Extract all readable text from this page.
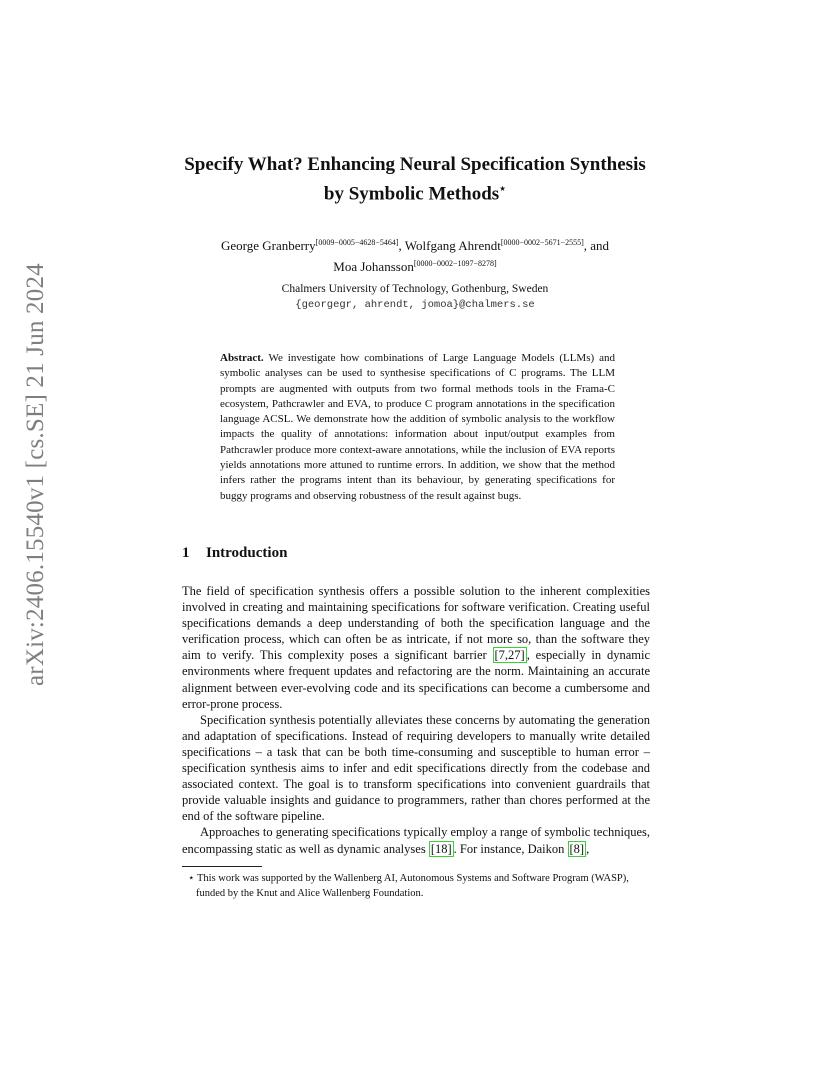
arXiv:2406.15540v1 [cs.SE] 21 Jun 2024
Specify What? Enhancing Neural Specification Synthesis
by Symbolic Methods⋆
George Granberry[0009−0005−4628−5464], Wolfgang Ahrendt[0000−0002−5671−2555], and
Moa Johansson[0000−0002−1097−8278]
Chalmers University of Technology, Gothenburg, Sweden
{georgegr, ahrendt, jomoa}@chalmers.se
Abstract. We investigate how combinations of Large Language Models (LLMs) and symbolic analyses can be used to synthesise specifications of C programs. The LLM prompts are augmented with outputs from two formal methods tools in the Frama-C ecosystem, Pathcrawler and EVA, to produce C program annotations in the specification language ACSL. We demonstrate how the addition of symbolic analysis to the workflow impacts the quality of annotations: information about input/output examples from Pathcrawler produce more context-aware annotations, while the inclusion of EVA reports yields annotations more attuned to runtime errors. In addition, we show that the method infers rather the programs intent than its behaviour, by generating specifications for buggy programs and observing robustness of the result against bugs.
1 Introduction

The field of specification synthesis offers a possible solution to the inherent complexities involved in creating and maintaining specifications for software verification. Creating useful specifications demands a deep understanding of both the specification language and the verification process, which can often be as intricate, if not more so, than the software they aim to verify. This complexity poses a significant barrier [7,27] , especially in dynamic environments where frequent updates and refactoring are the norm. Maintaining an accurate alignment between ever-evolving code and its specifications can become a cumbersome and error-prone process.

Specification synthesis potentially alleviates these concerns by automating the generation and adaptation of specifications. Instead of requiring developers to manually write detailed specifications – a task that can be both time-consuming and susceptible to human error – specification synthesis aims to infer and edit specifications directly from the codebase and associated context. The goal is to transform specifications into convenient guardrails that provide valuable insights and guidance to programmers, rather than chores performed at the end of the software pipeline.

Approaches to generating specifications typically employ a range of symbolic techniques, encompassing static as well as dynamic analyses [18] . For instance, Daikon [8] ,

⋆ This work was supported by the Wallenberg AI, Autonomous Systems and Software Program (WASP), funded by the Knut and Alice Wallenberg Foundation.
